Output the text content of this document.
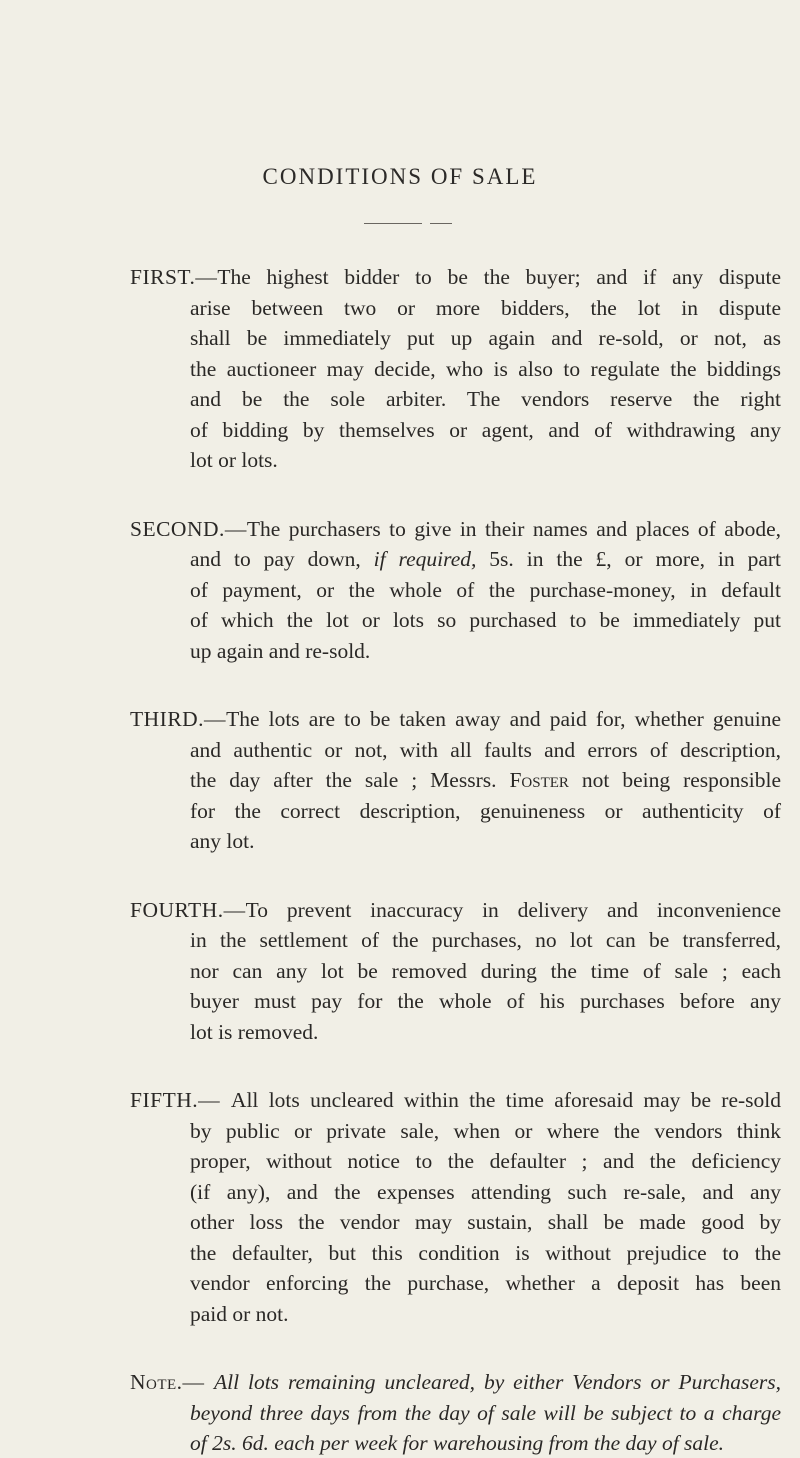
CONDITIONS OF SALE
FIRST.—The highest bidder to be the buyer; and if any dispute
arise between two or more bidders, the lot in dispute
shall be immediately put up again and re-sold, or not, as
the auctioneer may decide, who is also to regulate the biddings
and be the sole arbiter. The vendors reserve the right
of bidding by themselves or agent, and of withdrawing any
lot or lots.
SECOND.—The purchasers to give in their names and places of abode,
and to pay down, if required, 5s. in the £, or more, in part
of payment, or the whole of the purchase-money, in default
of which the lot or lots so purchased to be immediately put
up again and re-sold.
THIRD.—The lots are to be taken away and paid for, whether genuine
and authentic or not, with all faults and errors of description,
the day after the sale ; Messrs. Foster not being responsible
for the correct description, genuineness or authenticity of
any lot.
FOURTH.—To prevent inaccuracy in delivery and inconvenience
in the settlement of the purchases, no lot can be transferred,
nor can any lot be removed during the time of sale ; each
buyer must pay for the whole of his purchases before any
lot is removed.
FIFTH.— All lots uncleared within the time aforesaid may be re-sold
by public or private sale, when or where the vendors think
proper, without notice to the defaulter ; and the deficiency
(if any), and the expenses attending such re-sale, and any
other loss the vendor may sustain, shall be made good by
the defaulter, but this condition is without prejudice to the
vendor enforcing the purchase, whether a deposit has been
paid or not.
Note.— All lots remaining uncleared, by either Vendors or Purchasers,
beyond three days from the day of sale will be subject to a charge
of 2s. 6d. each per week for warehousing from the day of sale.
